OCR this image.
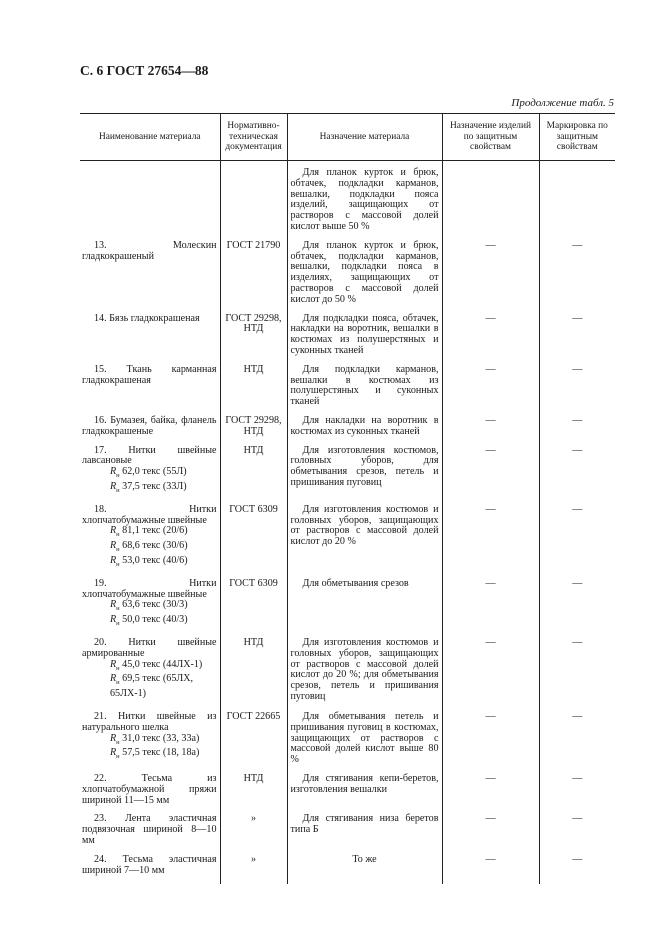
С. 6 ГОСТ 27654—88
Продолжение табл. 5
Наименование материала	Нормативно-техническая документация	Назначение материала	Назначение изделий по защитным свойствам	Маркировка по защитным свойствам

		Для планок курток и брюк, обтачек, подкладки карманов, вешалки, подкладки пояса изделий, защищающих от растворов с массовой долей кислот выше 50 %		

13. Молескин гладкокрашеный	ГОСТ 21790	Для планок курток и брюк, обтачек, подкладки карманов, вешалки, подкладки пояса в изделиях, защищающих от растворов с массовой долей кислот до 50 %	—	—

14. Бязь гладкокрашеная	ГОСТ 29298, НТД	Для подкладки пояса, обтачек, накладки на воротник, вешалки в костюмах из полушерстяных и суконных тканей	—	—

15. Ткань карманная гладкокрашеная	НТД	Для подкладки карманов, вешалки в костюмах из полушерстяных и суконных тканей	—	—

16. Бумазея, байка, фланель гладкокрашеные	ГОСТ 29298, НТД	Для накладки на воротник в костюмах из суконных тканей	—	—

17. Нитки швейные лавсановые
$R_н$ 62,0 текс (55Л)
$R_н$ 37,5 текс (33Л)	НТД	Для изготовления костюмов, головных уборов, для обметывания срезов, петель и пришивания пуговиц	—	—

18. Нитки хлопчатобумажные швейные
$R_н$ 81,1 текс (20/6)
$R_н$ 68,6 текс (30/6)
$R_н$ 53,0 текс (40/6)	ГОСТ 6309	Для изготовления костюмов и головных уборов, защищающих от растворов с массовой долей кислот до 20 %	—	—

19. Нитки хлопчатобумажные швейные
$R_н$ 63,6 текс (30/3)
$R_н$ 50,0 текс (40/3)	ГОСТ 6309	Для обметывания срезов	—	—

20. Нитки швейные армированные
$R_н$ 45,0 текс (44ЛХ-1)
$R_н$ 69,5 текс (65ЛХ,
65ЛХ-1)	НТД	Для изготовления костюмов и головных уборов, защищающих от растворов с массовой долей кислот до 20 %; для обметывания срезов, петель и пришивания пуговиц	—	—

21. Нитки швейные из натурального шелка
$R_н$ 31,0 текс (33, 33а)
$R_н$ 57,5 текс (18, 18а)	ГОСТ 22665	Для обметывания петель и пришивания пуговиц в костюмах, защищающих от растворов с массовой долей кислот выше 80 %	—	—

22. Тесьма из хлопчатобумажной пряжи шириной 11—15 мм	НТД	Для стягивания кепи-беретов, изготовления вешалки	—	—

23. Лента эластичная подвязочная шириной 8—10 мм	»	Для стягивания низа беретов типа Б	—	—

24. Тесьма эластичная шириной 7—10 мм	»	То же	—	—
